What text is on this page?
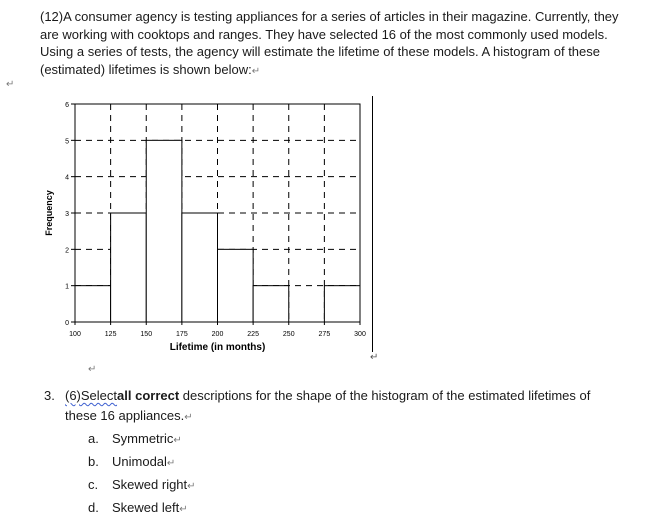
(12)A consumer agency is testing appliances for a series of articles in their magazine. Currently, they
are working with cooktops and ranges. They have selected 16 of the most commonly used models.
Using a series of tests, the agency will estimate the lifetime of these models. A histogram of these
(estimated) lifetimes is shown below:↵

↵
0
1
2
3
4
5
6
100	125	150	175	200	225	250	275	300
Lifetime (in months)
Frequency
↵
↵
3. (6)Selectall correct descriptions for the shape of the histogram of the estimated lifetimes of
these 16 appliances.↵
a. Symmetric↵
b. Unimodal↵
c. Skewed right↵
d. Skewed left↵
